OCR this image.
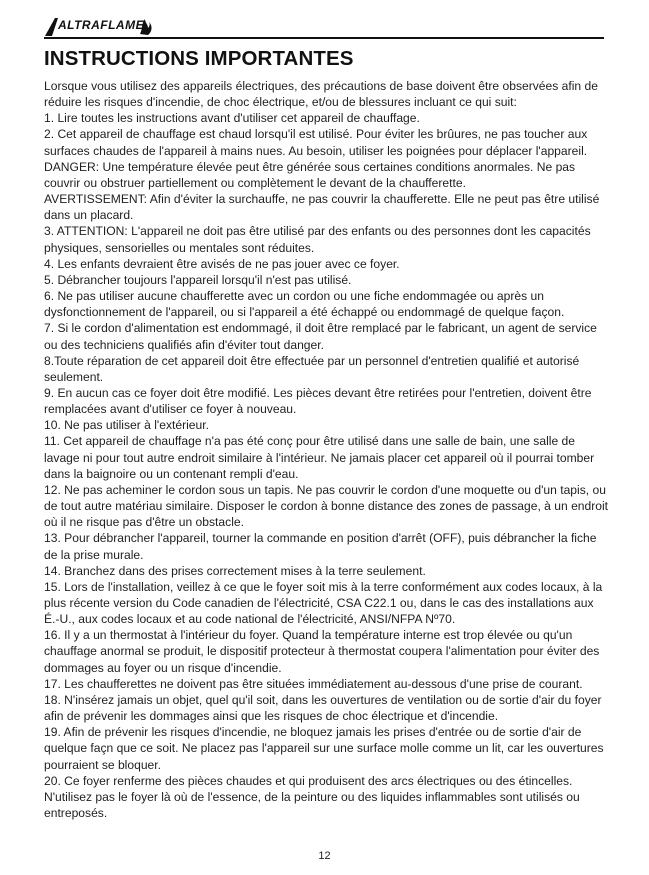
ALTRAFLAME
INSTRUCTIONS IMPORTANTES

Lorsque vous utilisez des appareils électriques, des précautions de base doivent être observées afin de réduire les risques d'incendie, de choc électrique, et/ou de blessures incluant ce qui suit:

1. Lire toutes les instructions avant d'utiliser cet appareil de chauffage.

2. Cet appareil de chauffage est chaud lorsqu'il est utilisé. Pour éviter les brûures, ne pas toucher aux surfaces chaudes de l'appareil à mains nues. Au besoin, utiliser les poignées pour déplacer l'appareil.

DANGER: Une température élevée peut être générée sous certaines conditions anormales. Ne pas couvrir ou obstruer partiellement ou complètement le devant de la chaufferette.

AVERTISSEMENT: Afin d'éviter la surchauffe, ne pas couvrir la chaufferette. Elle ne peut pas être utilisé dans un placard.

3. ATTENTION: L'appareil ne doit pas être utilisé par des enfants ou des personnes dont les capacités physiques, sensorielles ou mentales sont réduites.

4. Les enfants devraient être avisés de ne pas jouer avec ce foyer.

5. Débrancher toujours l'appareil lorsqu'il n'est pas utilisé.

6. Ne pas utiliser aucune chaufferette avec un cordon ou une fiche endommagée ou après un dysfonctionnement de l'appareil, ou si l'appareil a été échappé ou endommagé de quelque façon.

7. Si le cordon d'alimentation est endommagé, il doit être remplacé par le fabricant, un agent de service ou des techniciens qualifiés afin d'éviter tout danger.

8.Toute réparation de cet appareil doit être effectuée par un personnel d'entretien qualifié et autorisé seulement.

9. En aucun cas ce foyer doit être modifié. Les pièces devant être retirées pour l'entretien, doivent être remplacées avant d'utiliser ce foyer à nouveau.

10. Ne pas utiliser à l'extérieur.

11. Cet appareil de chauffage n'a pas été conç pour être utilisé dans une salle de bain, une salle de lavage ni pour tout autre endroit similaire à l'intérieur. Ne jamais placer cet appareil où il pourrai tomber dans la baignoire ou un contenant rempli d'eau.

12. Ne pas acheminer le cordon sous un tapis. Ne pas couvrir le cordon d'une moquette ou d'un tapis, ou de tout autre matériau similaire. Disposer le cordon à bonne distance des zones de passage, à un endroit où il ne risque pas d'être un obstacle.

13. Pour débrancher l'appareil, tourner la commande en position d'arrêt (OFF), puis débrancher la fiche de la prise murale.

14. Branchez dans des prises correctement mises à la terre seulement.

15. Lors de l'installation, veillez à ce que le foyer soit mis à la terre conformément aux codes locaux, à la plus récente version du Code canadien de l'électricité, CSA C22.1 ou, dans le cas des installations aux É.-U., aux codes locaux et au code national de l'électricité, ANSI/NFPA Nº70.

16. Il y a un thermostat à l'intérieur du foyer. Quand la température interne est trop élevée ou qu'un chauffage anormal se produit, le dispositif protecteur à thermostat coupera l'alimentation pour éviter des dommages au foyer ou un risque d'incendie.

17. Les chaufferettes ne doivent pas être situées immédiatement au-dessous d'une prise de courant.

18. N'insérez jamais un objet, quel qu'il soit, dans les ouvertures de ventilation ou de sortie d'air du foyer afin de prévenir les dommages ainsi que les risques de choc électrique et d'incendie.

19. Afin de prévenir les risques d'incendie, ne bloquez jamais les prises d'entrée ou de sortie d'air de quelque façn que ce soit. Ne placez pas l'appareil sur une surface molle comme un lit, car les ouvertures pourraient se bloquer.

20. Ce foyer renferme des pièces chaudes et qui produisent des arcs électriques ou des étincelles. N'utilisez pas le foyer là où de l'essence, de la peinture ou des liquides inflammables sont utilisés ou entreposés.

12
